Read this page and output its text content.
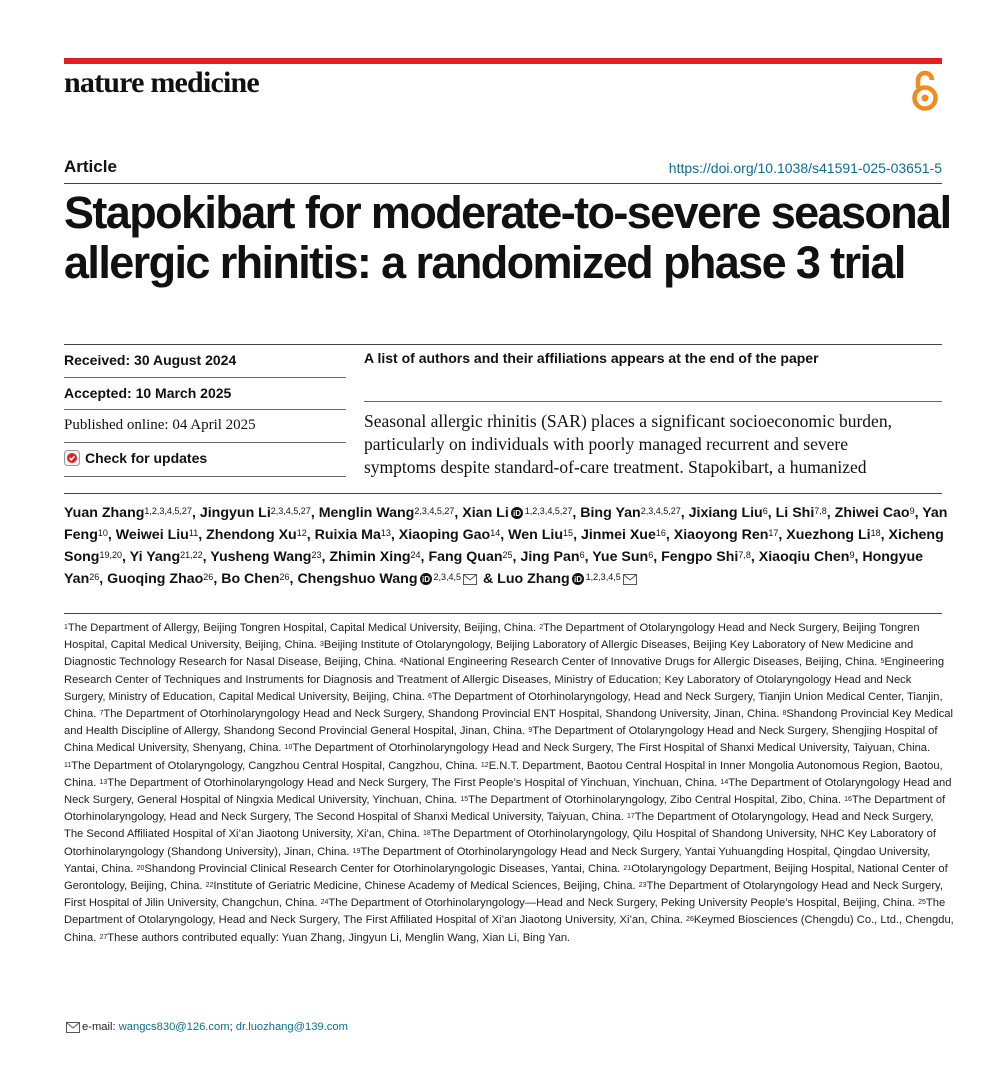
nature medicine
Article	https://doi.org/10.1038/s41591-025-03651-5
Stapokibart for moderate-to-severe seasonal
allergic rhinitis: a randomized phase 3 trial
Received: 30 August 2024
Accepted: 10 March 2025
Published online: 04 April 2025
Check for updates
A list of authors and their affiliations appears at the end of the paper
Seasonal allergic rhinitis (SAR) places a significant socioeconomic burden,
particularly on individuals with poorly managed recurrent and severe
symptoms despite standard-of-care treatment. Stapokibart, a humanized
Yuan Zhang$^{1,2,3,4,5,27}$, Jingyun Li$^{2,3,4,5,27}$, Menglin Wang$^{2,3,4,5,27}$, Xian Li iD $^{1,2,3,4,5,27}$, Bing Yan$^{2,3,4,5,27}$, Jixiang Liu$^6$, Li Shi$^{7,8}$, Zhiwei Cao$^9$, Yan Feng$^{10}$, Weiwei Liu$^{11}$, Zhendong Xu$^{12}$, Ruixia Ma$^{13}$, Xiaoping Gao$^{14}$, Wen Liu$^{15}$, Jinmei Xue$^{16}$, Xiaoyong Ren$^{17}$, Xuezhong Li$^{18}$, Xicheng Song$^{19,20}$, Yi Yang$^{21,22}$, Yusheng Wang$^{23}$, Zhimin Xing$^{24}$, Fang Quan$^{25}$, Jing Pan$^6$, Yue Sun$^6$, Fengpo Shi$^{7,8}$, Xiaoqiu Chen$^9$, Hongyue Yan$^{26}$, Guoqing Zhao$^{26}$, Bo Chen$^{26}$, Chengshuo Wang iD $^{2,3,4,5}$ & Luo Zhang iD $^{1,2,3,4,5}$
$^1$The Department of Allergy, Beijing Tongren Hospital, Capital Medical University, Beijing, China. $^2$The Department of Otolaryngology Head and Neck Surgery, Beijing Tongren Hospital, Capital Medical University, Beijing, China. $^3$Beijing Institute of Otolaryngology, Beijing Laboratory of Allergic Diseases, Beijing Key Laboratory of New Medicine and Diagnostic Technology Research for Nasal Disease, Beijing, China. $^4$National Engineering Research Center of Innovative Drugs for Allergic Diseases, Beijing, China. $^5$Engineering Research Center of Techniques and Instruments for Diagnosis and Treatment of Allergic Diseases, Ministry of Education; Key Laboratory of Otolaryngology Head and Neck Surgery, Ministry of Education, Capital Medical University, Beijing, China. $^6$The Department of Otorhinolaryngology, Head and Neck Surgery, Tianjin Union Medical Center, Tianjin, China. $^7$The Department of Otorhinolaryngology Head and Neck Surgery, Shandong Provincial ENT Hospital, Shandong University, Jinan, China. $^8$Shandong Provincial Key Medical and Health Discipline of Allergy, Shandong Second Provincial General Hospital, Jinan, China. $^9$The Department of Otolaryngology Head and Neck Surgery, Shengjing Hospital of China Medical University, Shenyang, China. $^{10}$The Department of Otorhinolaryngology Head and Neck Surgery, The First Hospital of Shanxi Medical University, Taiyuan, China. $^{11}$The Department of Otolaryngology, Cangzhou Central Hospital, Cangzhou, China. $^{12}$E.N.T. Department, Baotou Central Hospital in Inner Mongolia Autonomous Region, Baotou, China. $^{13}$The Department of Otorhinolaryngology Head and Neck Surgery, The First People’s Hospital of Yinchuan, Yinchuan, China. $^{14}$The Department of Otolaryngology Head and Neck Surgery, General Hospital of Ningxia Medical University, Yinchuan, China. $^{15}$The Department of Otorhinolaryngology, Zibo Central Hospital, Zibo, China. $^{16}$The Department of Otorhinolaryngology, Head and Neck Surgery, The Second Hospital of Shanxi Medical University, Taiyuan, China. $^{17}$The Department of Otolaryngology, Head and Neck Surgery, The Second Affiliated Hospital of Xi’an Jiaotong University, Xi’an, China. $^{18}$The Department of Otorhinolaryngology, Qilu Hospital of Shandong University, NHC Key Laboratory of Otorhinolaryngology (Shandong University), Jinan, China. $^{19}$The Department of Otorhinolaryngology Head and Neck Surgery, Yantai Yuhuangding Hospital, Qingdao University, Yantai, China. $^{20}$Shandong Provincial Clinical Research Center for Otorhinolaryngologic Diseases, Yantai, China. $^{21}$Otolaryngology Department, Beijing Hospital, National Center of Gerontology, Beijing, China. $^{22}$Institute of Geriatric Medicine, Chinese Academy of Medical Sciences, Beijing, China. $^{23}$The Department of Otolaryngology Head and Neck Surgery, First Hospital of Jilin University, Changchun, China. $^{24}$The Department of Otorhinolaryngology—Head and Neck Surgery, Peking University People’s Hospital, Beijing, China. $^{25}$The Department of Otolaryngology, Head and Neck Surgery, The First Affiliated Hospital of Xi’an Jiaotong University, Xi’an, China. $^{26}$Keymed Biosciences (Chengdu) Co., Ltd., Chengdu, China. $^{27}$These authors contributed equally: Yuan Zhang, Jingyun Li, Menglin Wang, Xian Li, Bing Yan.
e-mail: wangcs830@126.com; dr.luozhang@139.com
